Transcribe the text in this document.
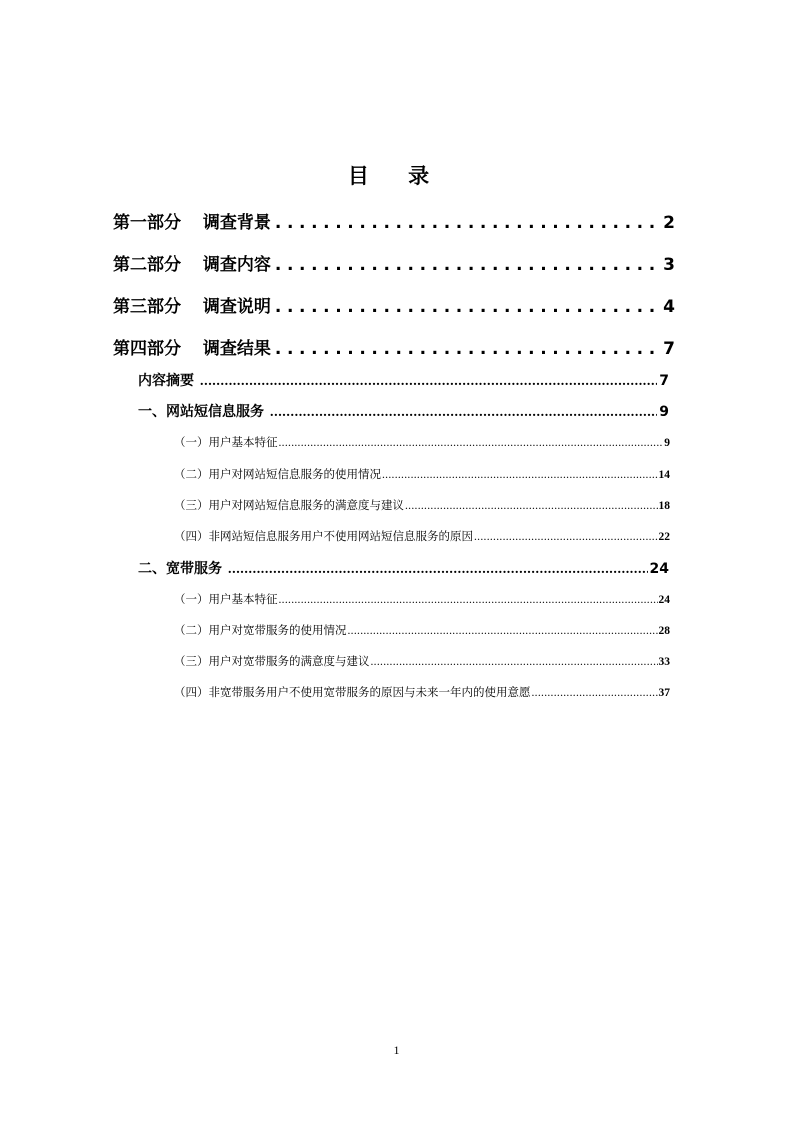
目 录
第一部分 调查背景 .....	2
第二部分 调查内容 .....	3
第三部分 调查说明 .....	4
第四部分 调查结果 .....	7
内容摘要 .....	7
一、网站短信息服务 .....	9
（一）用户基本特征 .....	9
（二）用户对网站短信息服务的使用情况 .....	14
（三）用户对网站短信息服务的满意度与建议 .....	18
（四）非网站短信息服务用户不使用网站短信息服务的原因 .....	22
二、宽带服务 .....	24
（一）用户基本特征 .....	24
（二）用户对宽带服务的使用情况 .....	28
（三）用户对宽带服务的满意度与建议 .....	33
（四）非宽带服务用户不使用宽带服务的原因与未来一年内的使用意愿 .....	37
1
